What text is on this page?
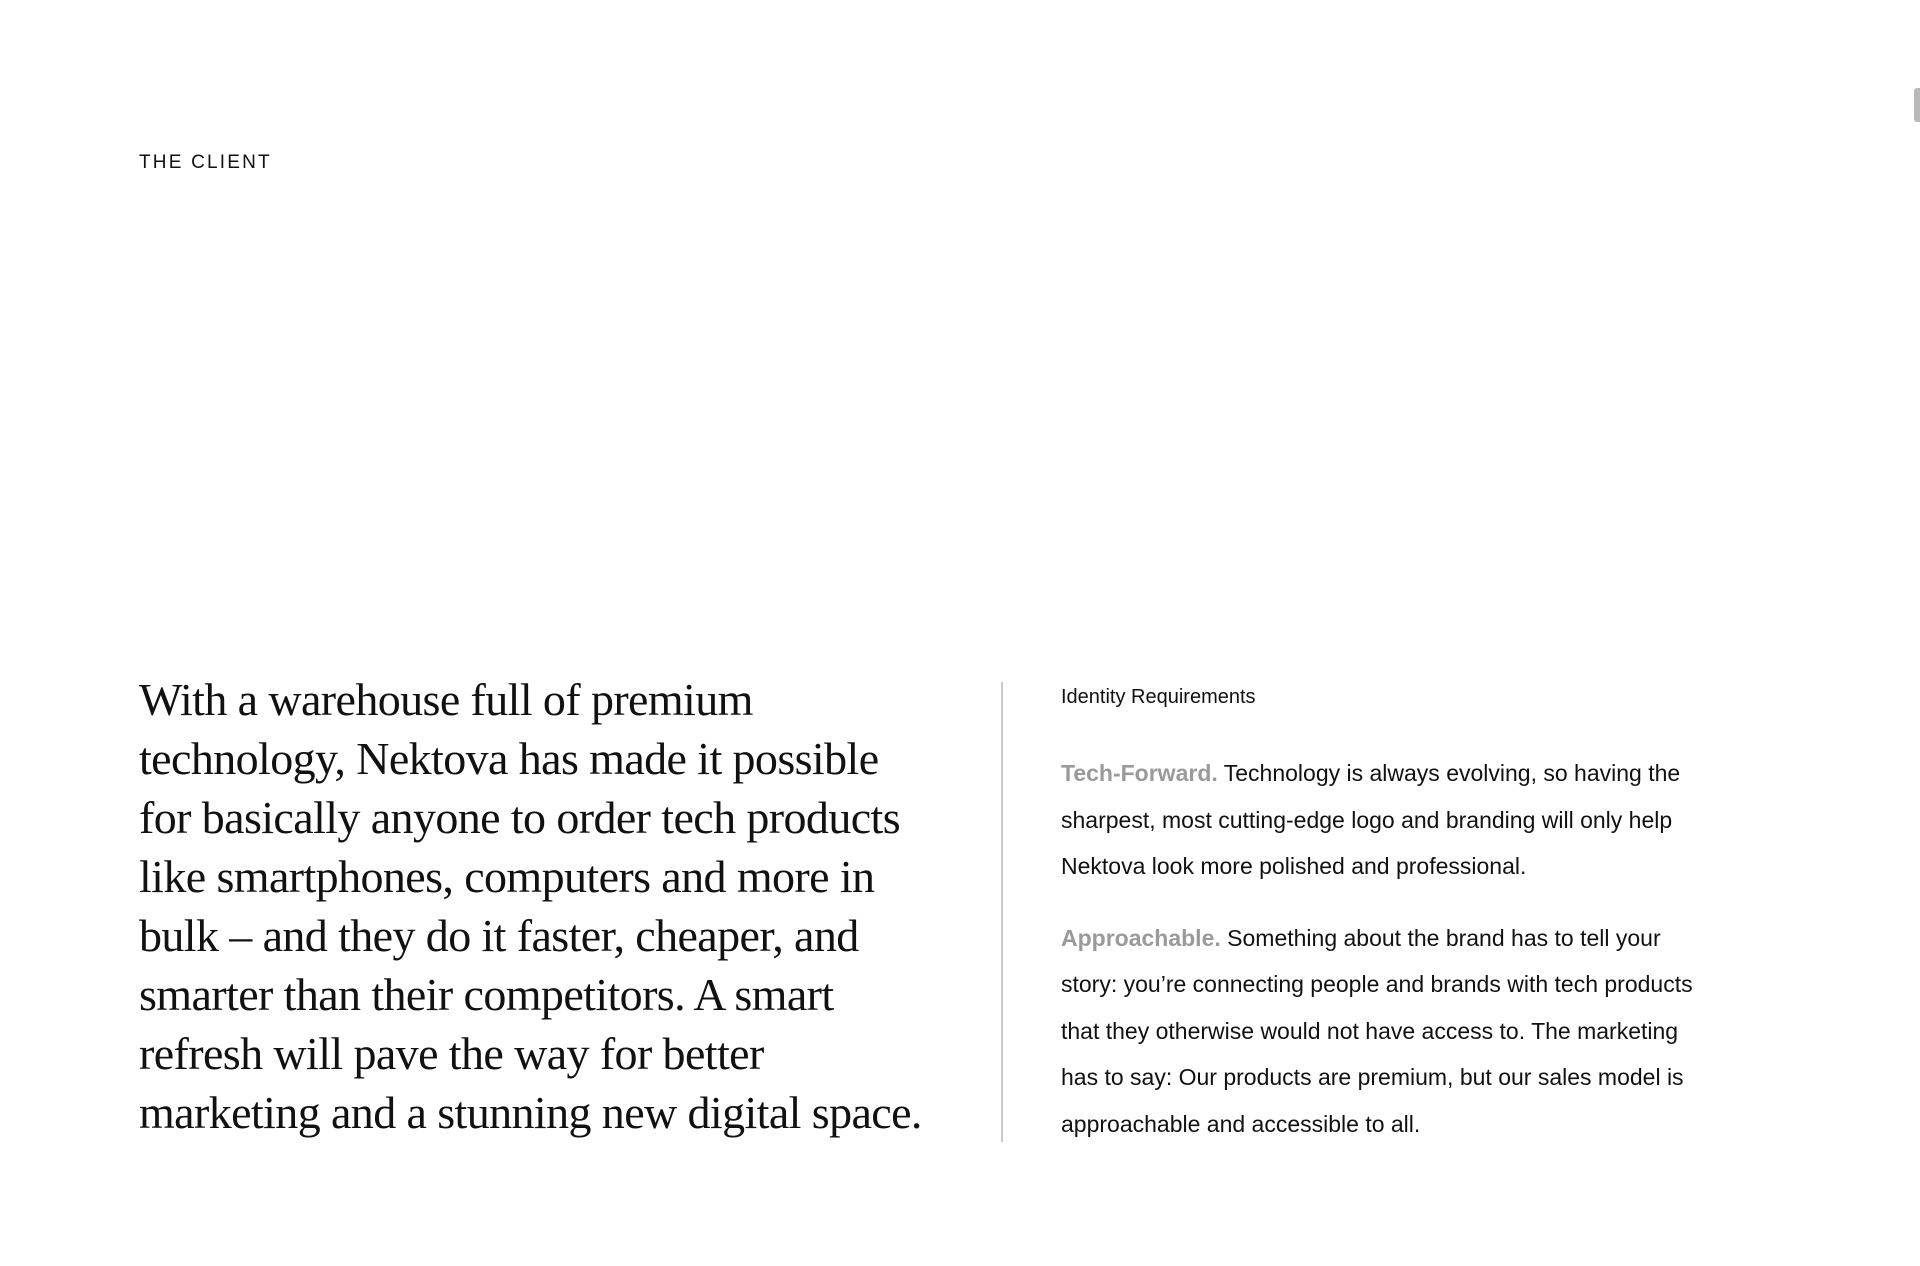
THE CLIENT

With a warehouse full of premium technology, Nektova has made it possible for basically anyone to order tech products like smartphones, computers and more in bulk – and they do it faster, cheaper, and smarter than their competitors. A smart refresh will pave the way for better marketing and a stunning new digital space.

Identity Requirements

Tech-Forward. Technology is always evolving, so having the sharpest, most cutting-edge logo and branding will only help Nektova look more polished and professional.

Approachable. Something about the brand has to tell your story: you’re connecting people and brands with tech products that they otherwise would not have access to. The marketing has to say: Our products are premium, but our sales model is approachable and accessible to all.
